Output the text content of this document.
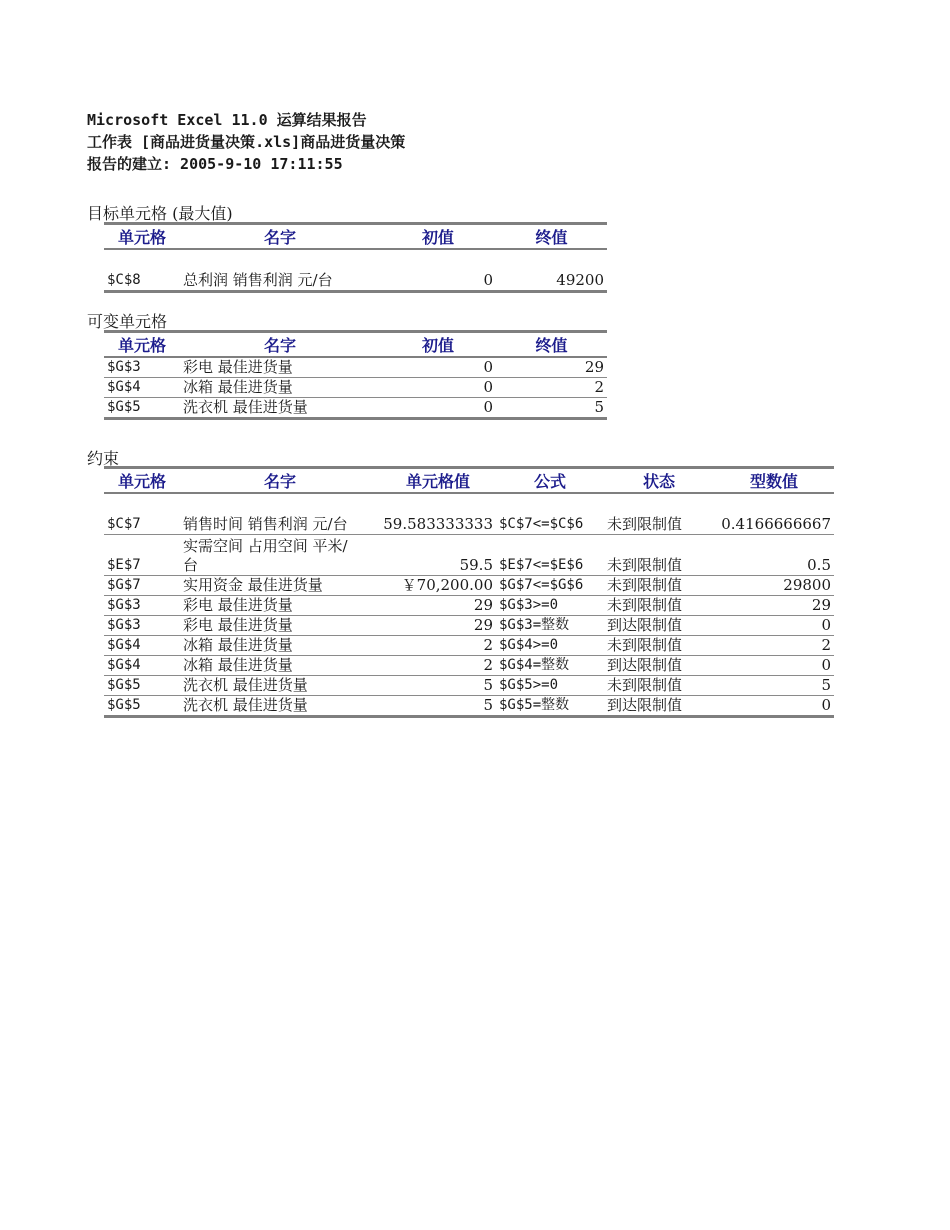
Microsoft Excel 11.0 运算结果报告
工作表 [商品进货量决策.xls]商品进货量决策
报告的建立: 2005-9-10 17:11:55
目标单元格 (最大值)
单元格	名字	初值	终值
$C$8	总利润 销售利润 元/台	0	49200
可变单元格
单元格	名字	初值	终值
$G$3	彩电 最佳进货量	0	29
$G$4	冰箱 最佳进货量	0	2
$G$5	洗衣机 最佳进货量	0	5
约束
单元格	名字	单元格值	公式	状态	型数值
$C$7	销售时间 销售利润 元/台	59.583333333	$C$7<=$C$6	未到限制值	0.4166666667
$E$7	实需空间 占用空间 平米/台	59.5	$E$7<=$E$6	未到限制值	0.5
$G$7	实用资金 最佳进货量	￥70,200.00	$G$7<=$G$6	未到限制值	29800
$G$3	彩电 最佳进货量	29	$G$3>=0	未到限制值	29
$G$3	彩电 最佳进货量	29	$G$3=整数	到达限制值	0
$G$4	冰箱 最佳进货量	2	$G$4>=0	未到限制值	2
$G$4	冰箱 最佳进货量	2	$G$4=整数	到达限制值	0
$G$5	洗衣机 最佳进货量	5	$G$5>=0	未到限制值	5
$G$5	洗衣机 最佳进货量	5	$G$5=整数	到达限制值	0
